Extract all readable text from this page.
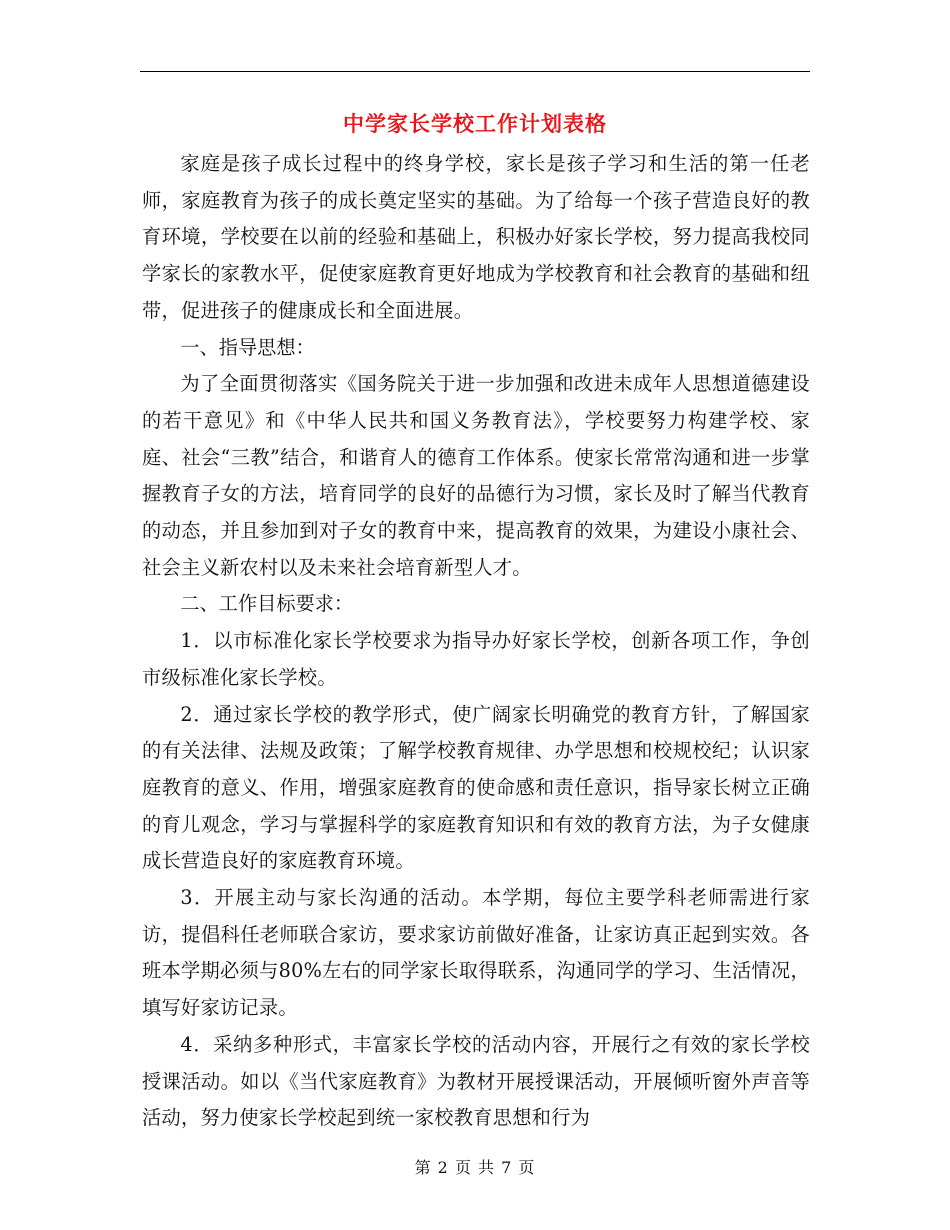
中学家长学校工作计划表格

家庭是孩子成长过程中的终身学校，家长是孩子学习和生活的第一任老师，家庭教育为孩子的成长奠定坚实的基础。为了给每一个孩子营造良好的教育环境，学校要在以前的经验和基础上，积极办好家长学校，努力提高我校同学家长的家教水平，促使家庭教育更好地成为学校教育和社会教育的基础和纽带，促进孩子的健康成长和全面进展。

一、指导思想：

为了全面贯彻落实《国务院关于进一步加强和改进未成年人思想道德建设的若干意见》和《中华人民共和国义务教育法》，学校要努力构建学校、家庭、社会“三教”结合，和谐育人的德育工作体系。使家长常常沟通和进一步掌握教育子女的方法，培育同学的良好的品德行为习惯，家长及时了解当代教育的动态，并且参加到对子女的教育中来，提高教育的效果，为建设小康社会、社会主义新农村以及未来社会培育新型人才。

二、工作目标要求：

1．以市标准化家长学校要求为指导办好家长学校，创新各项工作，争创市级标准化家长学校。

2．通过家长学校的教学形式，使广阔家长明确党的教育方针，了解国家的有关法律、法规及政策；了解学校教育规律、办学思想和校规校纪；认识家庭教育的意义、作用，增强家庭教育的使命感和责任意识，指导家长树立正确的育儿观念，学习与掌握科学的家庭教育知识和有效的教育方法，为子女健康成长营造良好的家庭教育环境。

3．开展主动与家长沟通的活动。本学期，每位主要学科老师需进行家访，提倡科任老师联合家访，要求家访前做好准备，让家访真正起到实效。各班本学期必须与80%左右的同学家长取得联系，沟通同学的学习、生活情况，填写好家访记录。

4．采纳多种形式，丰富家长学校的活动内容，开展行之有效的家长学校授课活动。如以《当代家庭教育》为教材开展授课活动，开展倾听窗外声音等活动，努力使家长学校起到统一家校教育思想和行为

第 2 页 共 7 页
